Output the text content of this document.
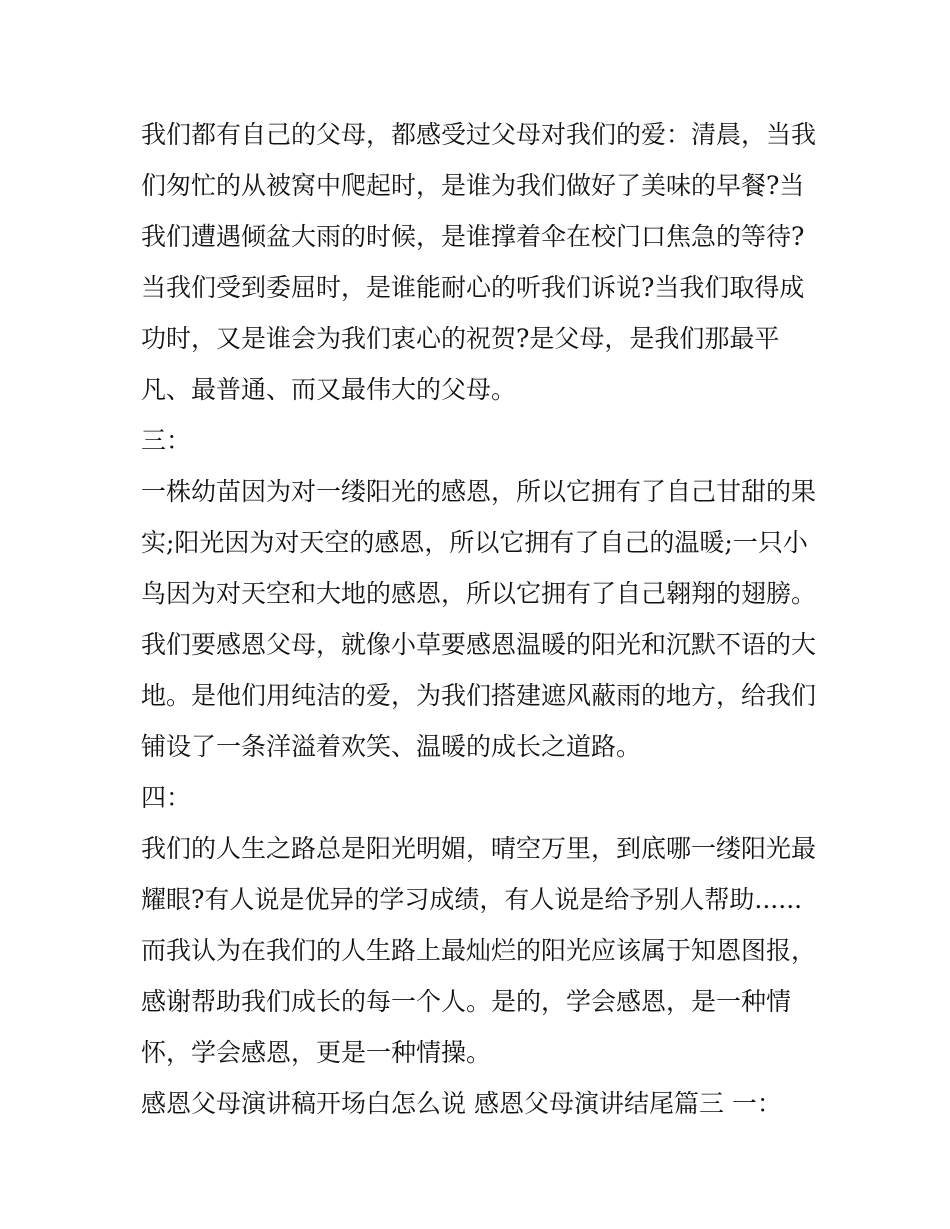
我们都有自己的父母，都感受过父母对我们的爱：清晨，当我
们匆忙的从被窝中爬起时，是谁为我们做好了美味的早餐?当
我们遭遇倾盆大雨的时候，是谁撑着伞在校门口焦急的等待?
当我们受到委屈时，是谁能耐心的听我们诉说?当我们取得成
功时，又是谁会为我们衷心的祝贺?是父母，是我们那最平
凡、最普通、而又最伟大的父母。
三：
一株幼苗因为对一缕阳光的感恩，所以它拥有了自己甘甜的果
实;阳光因为对天空的感恩，所以它拥有了自己的温暖;一只小
鸟因为对天空和大地的感恩，所以它拥有了自己翱翔的翅膀。
我们要感恩父母，就像小草要感恩温暖的阳光和沉默不语的大
地。是他们用纯洁的爱，为我们搭建遮风蔽雨的地方，给我们
铺设了一条洋溢着欢笑、温暖的成长之道路。
四：
我们的人生之路总是阳光明媚，晴空万里，到底哪一缕阳光最
耀眼?有人说是优异的学习成绩，有人说是给予别人帮助......
而我认为在我们的人生路上最灿烂的阳光应该属于知恩图报，
感谢帮助我们成长的每一个人。是的，学会感恩，是一种情
怀，学会感恩，更是一种情操。
感恩父母演讲稿开场白怎么说 感恩父母演讲结尾篇三 一：
